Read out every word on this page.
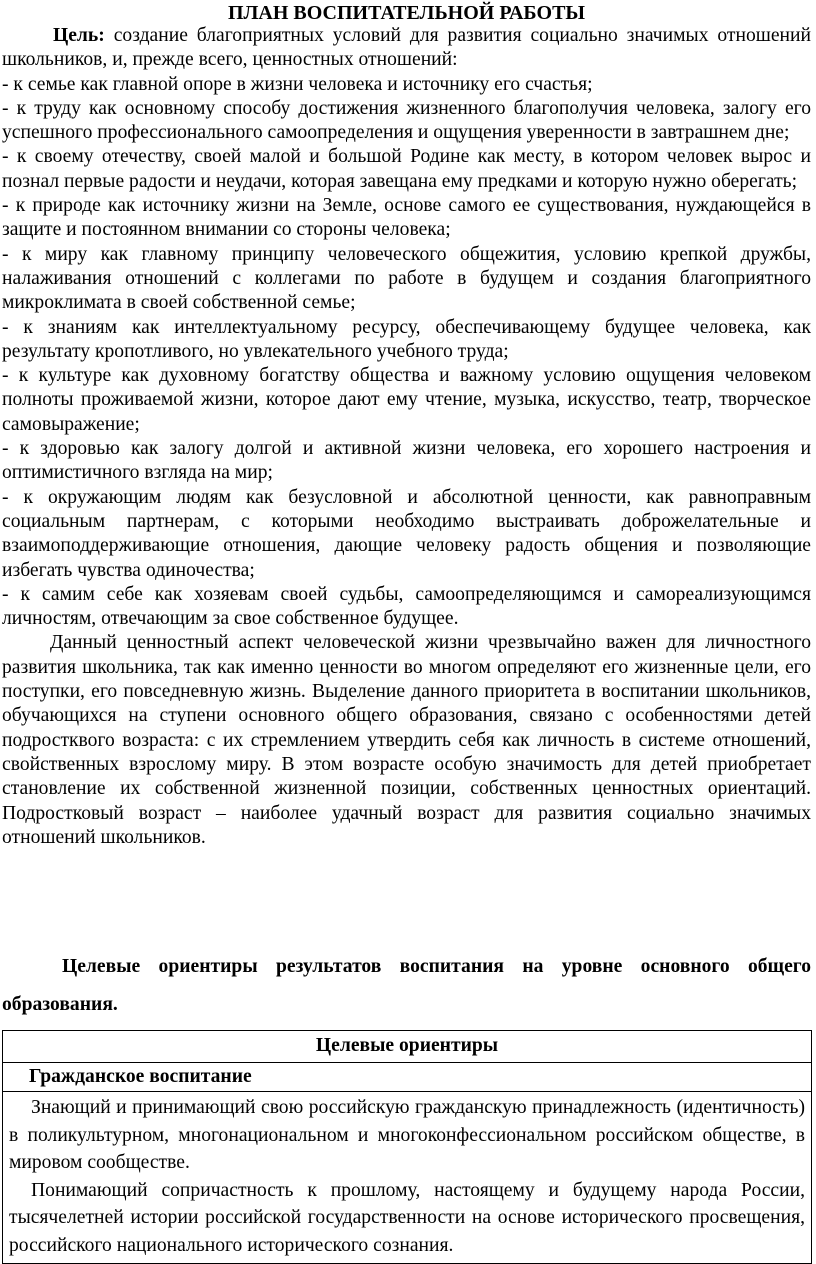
ПЛАН ВОСПИТАТЕЛЬНОЙ РАБОТЫ

Цель: создание благоприятных условий для развития социально значимых отношений школьников, и, прежде всего, ценностных отношений:

- к семье как главной опоре в жизни человека и источнику его счастья;

- к труду как основному способу достижения жизненного благополучия человека, залогу его успешного профессионального самоопределения и ощущения уверенности в завтрашнем дне;

- к своему отечеству, своей малой и большой Родине как месту, в котором человек вырос и познал первые радости и неудачи, которая завещана ему предками и которую нужно оберегать;

- к природе как источнику жизни на Земле, основе самого ее существования, нуждающейся в защите и постоянном внимании со стороны человека;

- к миру как главному принципу человеческого общежития, условию крепкой дружбы, налаживания отношений с коллегами по работе в будущем и создания благоприятного микроклимата в своей собственной семье;

- к знаниям как интеллектуальному ресурсу, обеспечивающему будущее человека, как результату кропотливого, но увлекательного учебного труда;

- к культуре как духовному богатству общества и важному условию ощущения человеком полноты проживаемой жизни, которое дают ему чтение, музыка, искусство, театр, творческое самовыражение;

- к здоровью как залогу долгой и активной жизни человека, его хорошего настроения и оптимистичного взгляда на мир;

- к окружающим людям как безусловной и абсолютной ценности, как равноправным социальным партнерам, с которыми необходимо выстраивать доброжелательные и взаимоподдерживающие отношения, дающие человеку радость общения и позволяющие избегать чувства одиночества;

- к самим себе как хозяевам своей судьбы, самоопределяющимся и самореализующимся личностям, отвечающим за свое собственное будущее.

Данный ценностный аспект человеческой жизни чрезвычайно важен для личностного развития школьника, так как именно ценности во многом определяют его жизненные цели, его поступки, его повседневную жизнь. Выделение данного приоритета в воспитании школьников, обучающихся на ступени основного общего образования, связано с особенностями детей подростквого возраста: с их стремлением утвердить себя как личность в системе отношений, свойственных взрослому миру. В этом возрасте особую значимость для детей приобретает становление их собственной жизненной позиции, собственных ценностных ориентаций. Подростковый возраст – наиболее удачный возраст для развития социально значимых отношений школьников.

Целевые ориентиры результатов воспитания на уровне основного общего образования.

Целевые ориентиры
Гражданское воспитание

Знающий и принимающий свою российскую гражданскую принадлежность (идентичность) в поликультурном, многонациональном и многоконфессиональном российском обществе, в мировом сообществе.

Понимающий сопричастность к прошлому, настоящему и будущему народа России, тысячелетней истории российской государственности на основе исторического просвещения, российского национального исторического сознания.
